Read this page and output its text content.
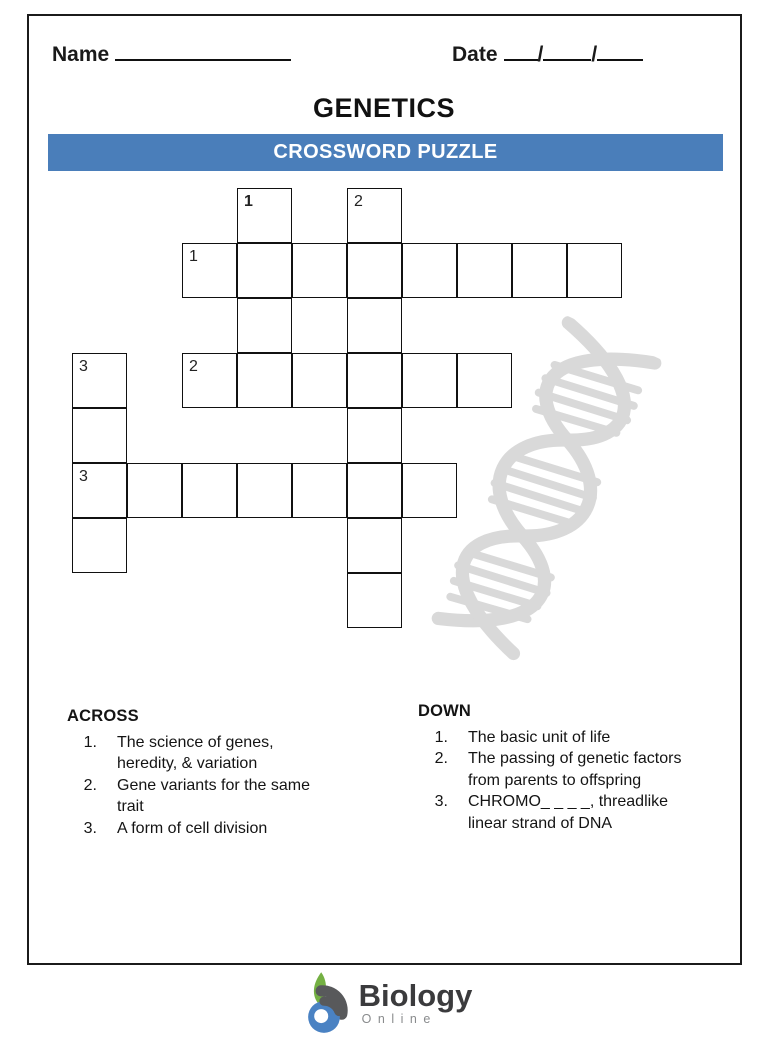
Name	Date / /
GENETICS
CROSSWORD PUZZLE
1	2
1
3	2
3
ACROSS
1. The science of genes, heredity, & variation
2. Gene variants for the same trait
3. A form of cell division
DOWN
1. The basic unit of life
2. The passing of genetic factors from parents to offspring
3. CHROMO_ _ _ _, threadlike linear strand of DNA
Biology
Online
